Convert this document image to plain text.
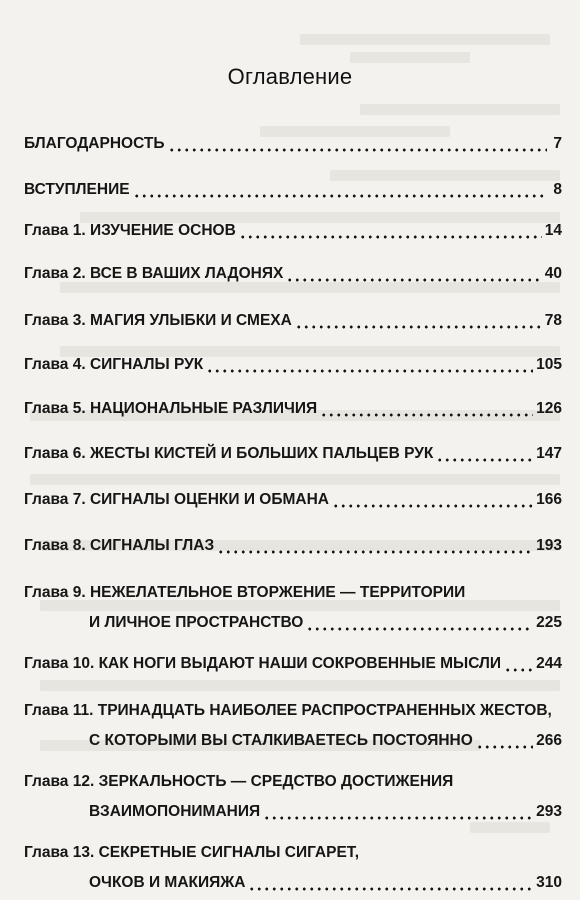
Оглавление
БЛАГОДАРНОСТЬ	7
ВСТУПЛЕНИЕ	8
Глава 1. ИЗУЧЕНИЕ ОСНОВ	14
Глава 2. ВСЕ В ВАШИХ ЛАДОНЯХ	40
Глава 3. МАГИЯ УЛЫБКИ И СМЕХА	78
Глава 4. СИГНАЛЫ РУК	105
Глава 5. НАЦИОНАЛЬНЫЕ РАЗЛИЧИЯ	126
Глава 6. ЖЕСТЫ КИСТЕЙ И БОЛЬШИХ ПАЛЬЦЕВ РУК	147
Глава 7. СИГНАЛЫ ОЦЕНКИ И ОБМАНА	166
Глава 8. СИГНАЛЫ ГЛАЗ	193
Глава 9. НЕЖЕЛАТЕЛЬНОЕ ВТОРЖЕНИЕ — ТЕРРИТОРИИ
И ЛИЧНОЕ ПРОСТРАНСТВО	225
Глава 10. КАК НОГИ ВЫДАЮТ НАШИ СОКРОВЕННЫЕ МЫСЛИ 244
Глава 11. ТРИНАДЦАТЬ НАИБОЛЕЕ РАСПРОСТРАНЕННЫХ ЖЕСТОВ,
С КОТОРЫМИ ВЫ СТАЛКИВАЕТЕСЬ ПОСТОЯННО	266
Глава 12. ЗЕРКАЛЬНОСТЬ — СРЕДСТВО ДОСТИЖЕНИЯ
ВЗАИМОПОНИМАНИЯ	293
Глава 13. СЕКРЕТНЫЕ СИГНАЛЫ СИГАРЕТ,
ОЧКОВ И МАКИЯЖА	310
